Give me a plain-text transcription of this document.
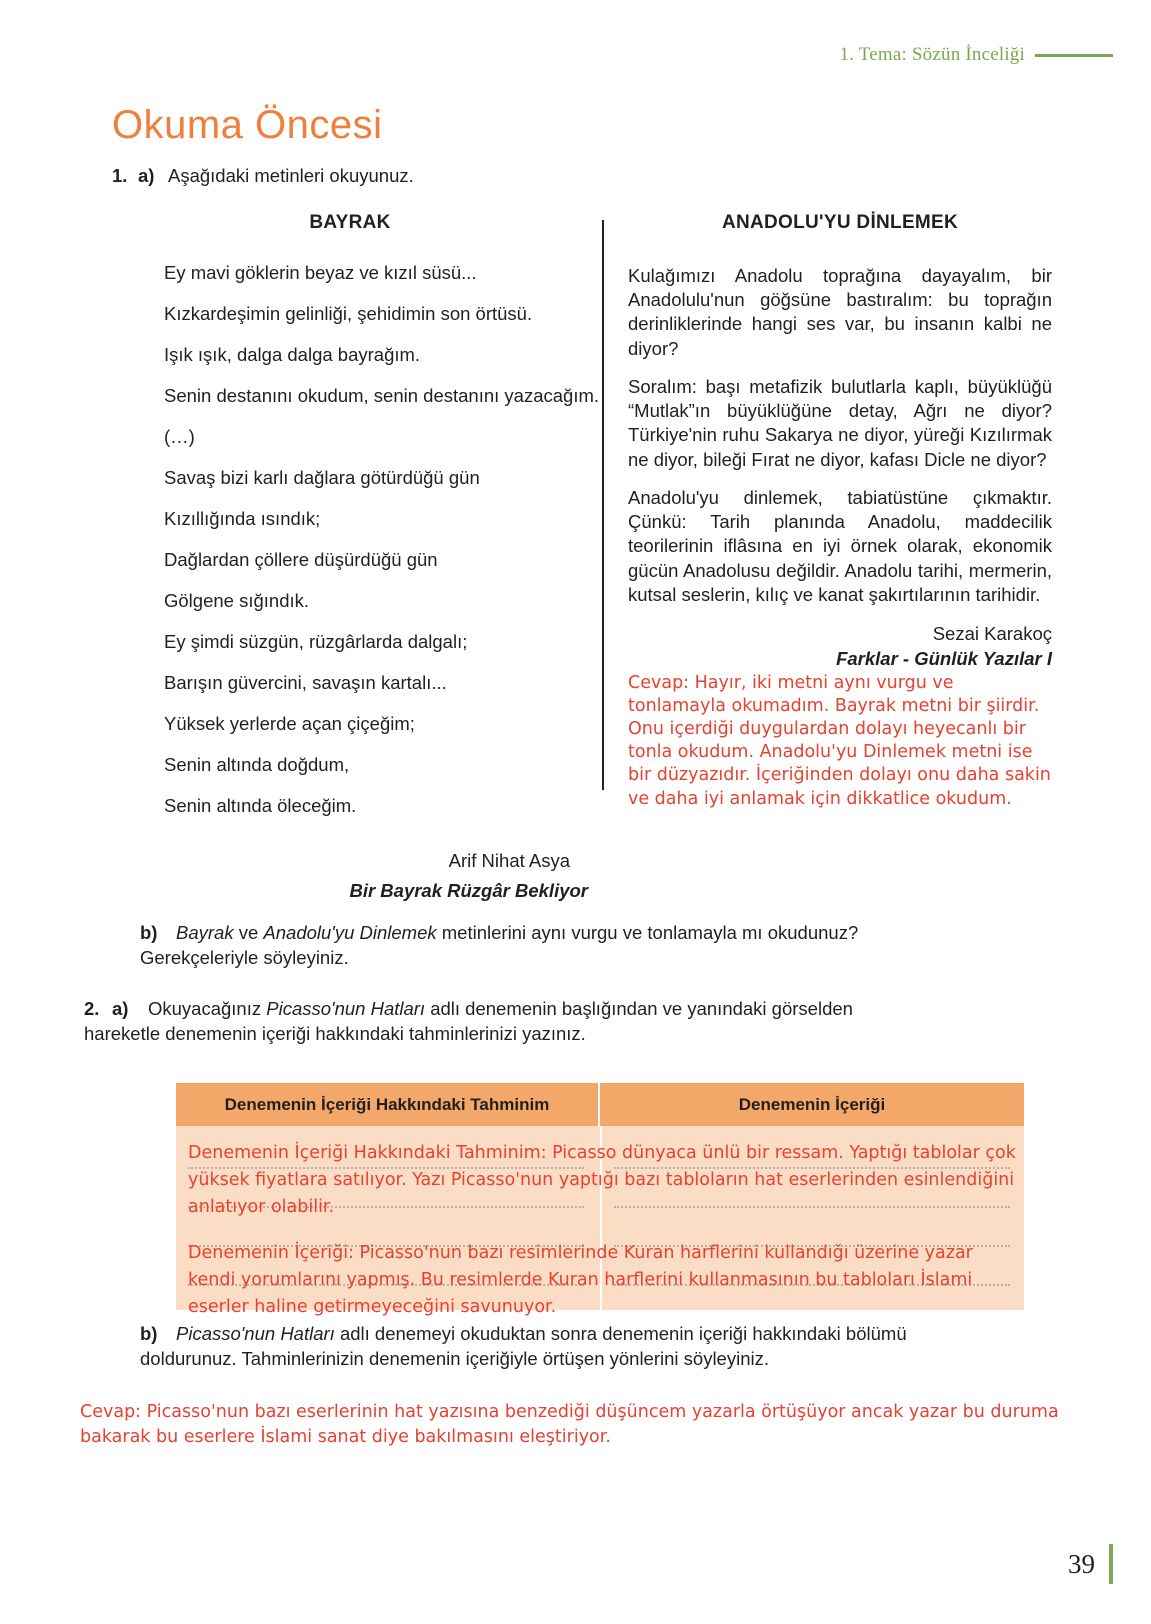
1. Tema: Sözün İnceliği
Okuma Öncesi
1. a) Aşağıdaki metinleri okuyunuz.
BAYRAK
Ey mavi göklerin beyaz ve kızıl süsü...
Kızkardeşimin gelinliği, şehidimin son örtüsü.
Işık ışık, dalga dalga bayrağım.
Senin destanını okudum, senin destanını yazacağım.
(…)
Savaş bizi karlı dağlara götürdüğü gün
Kızıllığında ısındık;
Dağlardan çöllere düşürdüğü gün
Gölgene sığındık.
Ey şimdi süzgün, rüzgârlarda dalgalı;
Barışın güvercini, savaşın kartalı...
Yüksek yerlerde açan çiçeğim;
Senin altında doğdum,
Senin altında öleceğim.
Arif Nihat Asya
Bir Bayrak Rüzgâr Bekliyor
ANADOLU'YU DİNLEMEK

Kulağımızı Anadolu toprağına dayayalım, bir Anadolulu'nun göğsüne bastıralım: bu toprağın derinliklerinde hangi ses var, bu insanın kalbi ne diyor?

Soralım: başı metafizik bulutlarla kaplı, büyüklüğü “Mutlak”ın büyüklüğüne detay, Ağrı ne diyor? Türkiye'nin ruhu Sakarya ne diyor, yüreği Kızılırmak ne diyor, bileği Fırat ne diyor, kafası Dicle ne diyor?

Anadolu'yu dinlemek, tabiatüstüne çıkmaktır. Çünkü: Tarih planında Anadolu, maddecilik teorilerinin iflâsına en iyi örnek olarak, ekonomik gücün Anadolusu değildir. Anadolu tarihi, mermerin, kutsal seslerin, kılıç ve kanat şakırtılarının tarihidir.

Sezai Karakoç
Farklar - Günlük Yazılar I
Cevap: Hayır, iki metni aynı vurgu ve tonlamayla okumadım. Bayrak metni bir şiirdir. Onu içerdiği duygulardan dolayı heyecanlı bir tonla okudum. Anadolu'yu Dinlemek metni ise bir düzyazıdır. İçeriğinden dolayı onu daha sakin ve daha iyi anlamak için dikkatlice okudum.
b) Bayrak ve Anadolu'yu Dinlemek metinlerini aynı vurgu ve tonlamayla mı okudunuz? Gerekçeleriyle söyleyiniz.
2. a) Okuyacağınız Picasso'nun Hatları adlı denemenin başlığından ve yanındaki görselden hareketle denemenin içeriği hakkındaki tahminlerinizi yazınız.
Denemenin İçeriği Hakkındaki Tahminim	Denemenin İçeriği
Denemenin İçeriği Hakkındaki Tahminim: Picasso dünyaca ünlü bir ressam. Yaptığı tablolar çok yüksek fiyatlara satılıyor. Yazı Picasso'nun yaptığı bazı tabloların hat eserlerinden esinlendiğini anlatıyor olabilir.
Denemenin İçeriği: Picasso'nun bazı resimlerinde Kuran harflerini kullandığı üzerine yazar kendi yorumlarını yapmış. Bu resimlerde Kuran harflerini kullanmasının bu tabloları İslami eserler haline getirmeyeceğini savunuyor.
b) Picasso'nun Hatları adlı denemeyi okuduktan sonra denemenin içeriği hakkındaki bölümü doldurunuz. Tahminlerinizin denemenin içeriğiyle örtüşen yönlerini söyleyiniz.
Cevap: Picasso'nun bazı eserlerinin hat yazısına benzediği düşüncem yazarla örtüşüyor ancak yazar bu duruma bakarak bu eserlere İslami sanat diye bakılmasını eleştiriyor.
39
